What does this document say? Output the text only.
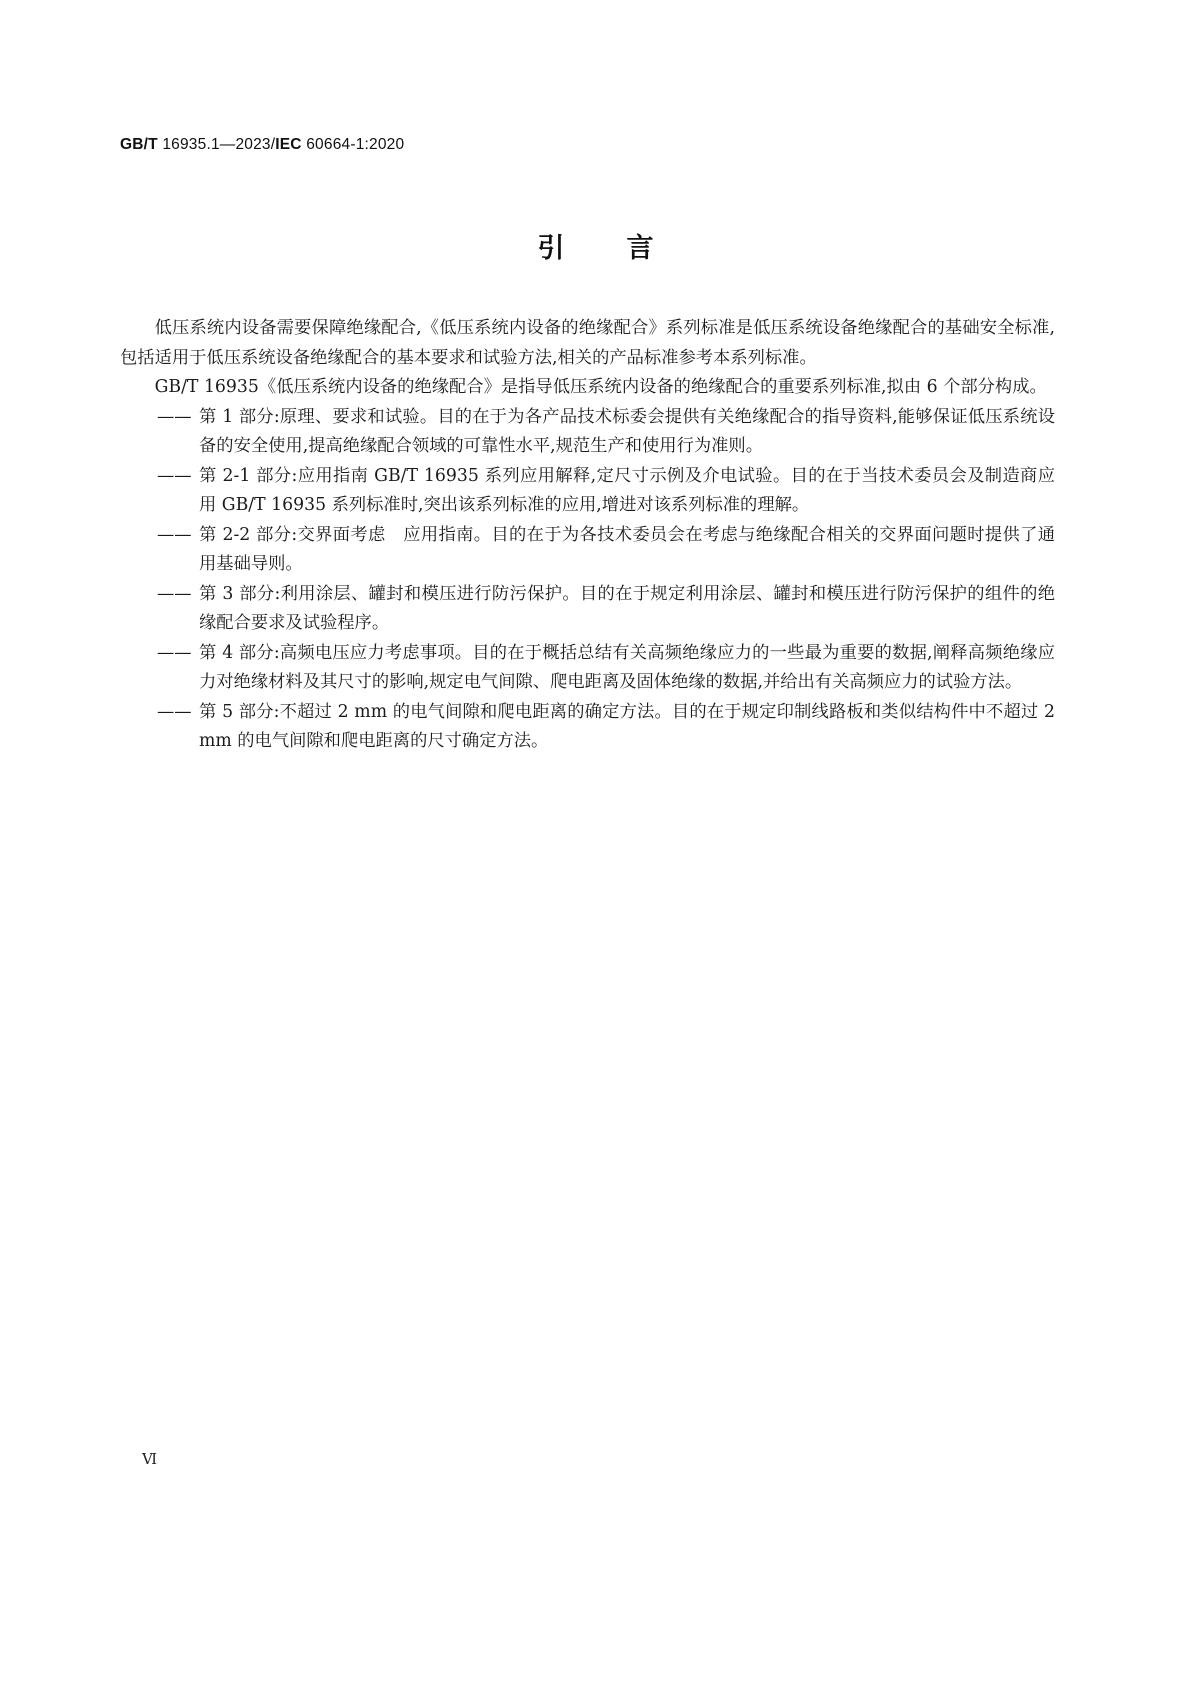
GB/T 16935.1—2023/IEC 60664-1:2020
引言

低压系统内设备需要保障绝缘配合,《低压系统内设备的绝缘配合》系列标准是低压系统设备绝缘配合的基础安全标准,包括适用于低压系统设备绝缘配合的基本要求和试验方法,相关的产品标准参考本系列标准。

GB/T 16935《低压系统内设备的绝缘配合》是指导低压系统内设备的绝缘配合的重要系列标准,拟由 6 个部分构成。

—— 第 1 部分:原理、要求和试验。目的在于为各产品技术标委会提供有关绝缘配合的指导资料,能够保证低压系统设备的安全使用,提高绝缘配合领域的可靠性水平,规范生产和使用行为准则。

—— 第 2-1 部分:应用指南 GB/T 16935 系列应用解释,定尺寸示例及介电试验。目的在于当技术委员会及制造商应用 GB/T 16935 系列标准时,突出该系列标准的应用,增进对该系列标准的理解。

—— 第 2-2 部分:交界面考虑　应用指南。目的在于为各技术委员会在考虑与绝缘配合相关的交界面问题时提供了通用基础导则。

—— 第 3 部分:利用涂层、罐封和模压进行防污保护。目的在于规定利用涂层、罐封和模压进行防污保护的组件的绝缘配合要求及试验程序。

—— 第 4 部分:高频电压应力考虑事项。目的在于概括总结有关高频绝缘应力的一些最为重要的数据,阐释高频绝缘应力对绝缘材料及其尺寸的影响,规定电气间隙、爬电距离及固体绝缘的数据,并给出有关高频应力的试验方法。

—— 第 5 部分:不超过 2 mm 的电气间隙和爬电距离的确定方法。目的在于规定印制线路板和类似结构件中不超过 2 mm 的电气间隙和爬电距离的尺寸确定方法。

Ⅵ
